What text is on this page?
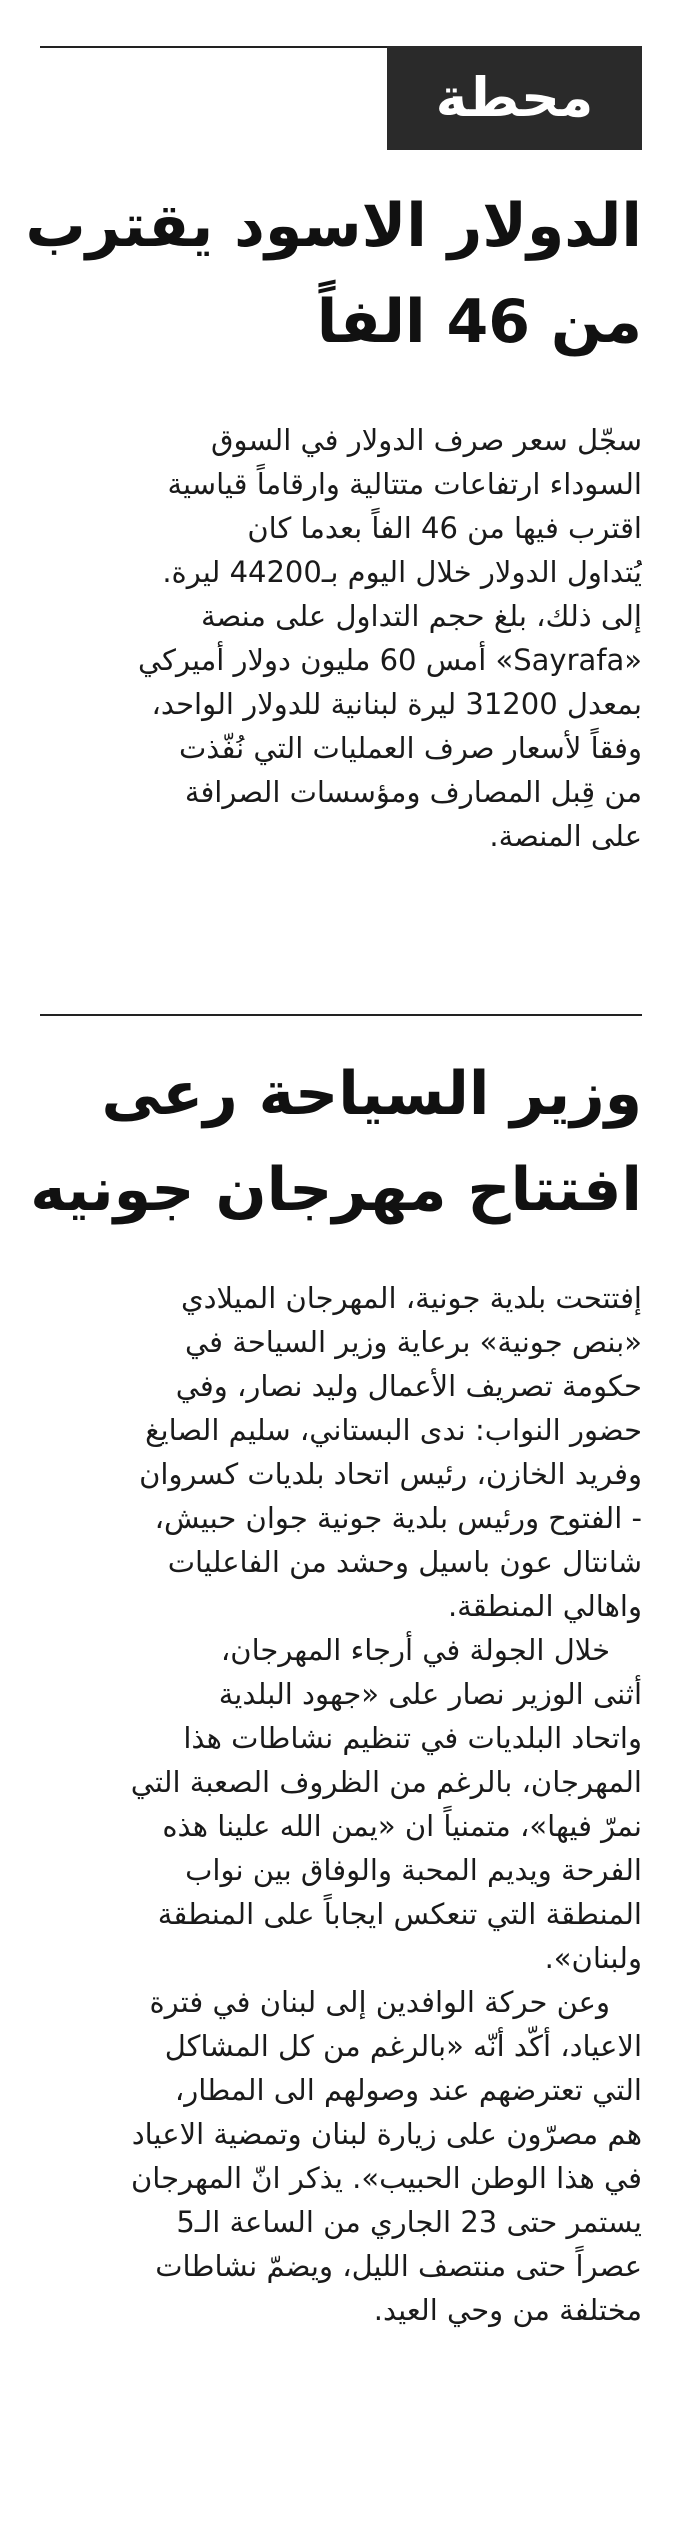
محطة
الدولار الاسود يقترب
من 46 الفاً
سجّل سعر صرف الدولار في السوق
السوداء ارتفاعات متتالية وارقاماً قياسية
اقترب فيها من 46 الفاً بعدما كان
يُتداول الدولار خلال اليوم بـ44200 ليرة.
إلى ذلك، بلغ حجم التداول على منصة
«Sayrafa» أمس 60 مليون دولار أميركي
بمعدل 31200 ليرة لبنانية للدولار الواحد،
وفقاً لأسعار صرف العمليات التي نُفّذت
من قِبل المصارف ومؤسسات الصرافة
على المنصة.
وزير السياحة رعى
افتتاح مهرجان جونيه
إفتتحت بلدية جونية، المهرجان الميلادي
«بنص جونية» برعاية وزير السياحة في
حكومة تصريف الأعمال وليد نصار، وفي
حضور النواب: ندى البستاني، سليم الصايغ
وفريد الخازن، رئيس اتحاد بلديات كسروان
- الفتوح ورئيس بلدية جونية جوان حبيش،
شانتال عون باسيل وحشد من الفاعليات
واهالي المنطقة.
خلال الجولة في أرجاء المهرجان،
أثنى الوزير نصار على «جهود البلدية
واتحاد البلديات في تنظيم نشاطات هذا
المهرجان، بالرغم من الظروف الصعبة التي
نمرّ فيها»، متمنياً ان «يمن الله علينا هذه
الفرحة ويديم المحبة والوفاق بين نواب
المنطقة التي تنعكس ايجاباً على المنطقة
ولبنان».
وعن حركة الوافدين إلى لبنان في فترة
الاعياد، أكّد أنّه «بالرغم من كل المشاكل
التي تعترضهم عند وصولهم الى المطار،
هم مصرّون على زيارة لبنان وتمضية الاعياد
في هذا الوطن الحبيب». يذكر انّ المهرجان
يستمر حتى 23 الجاري من الساعة الـ5
عصراً حتى منتصف الليل، ويضمّ نشاطات
مختلفة من وحي العيد.
